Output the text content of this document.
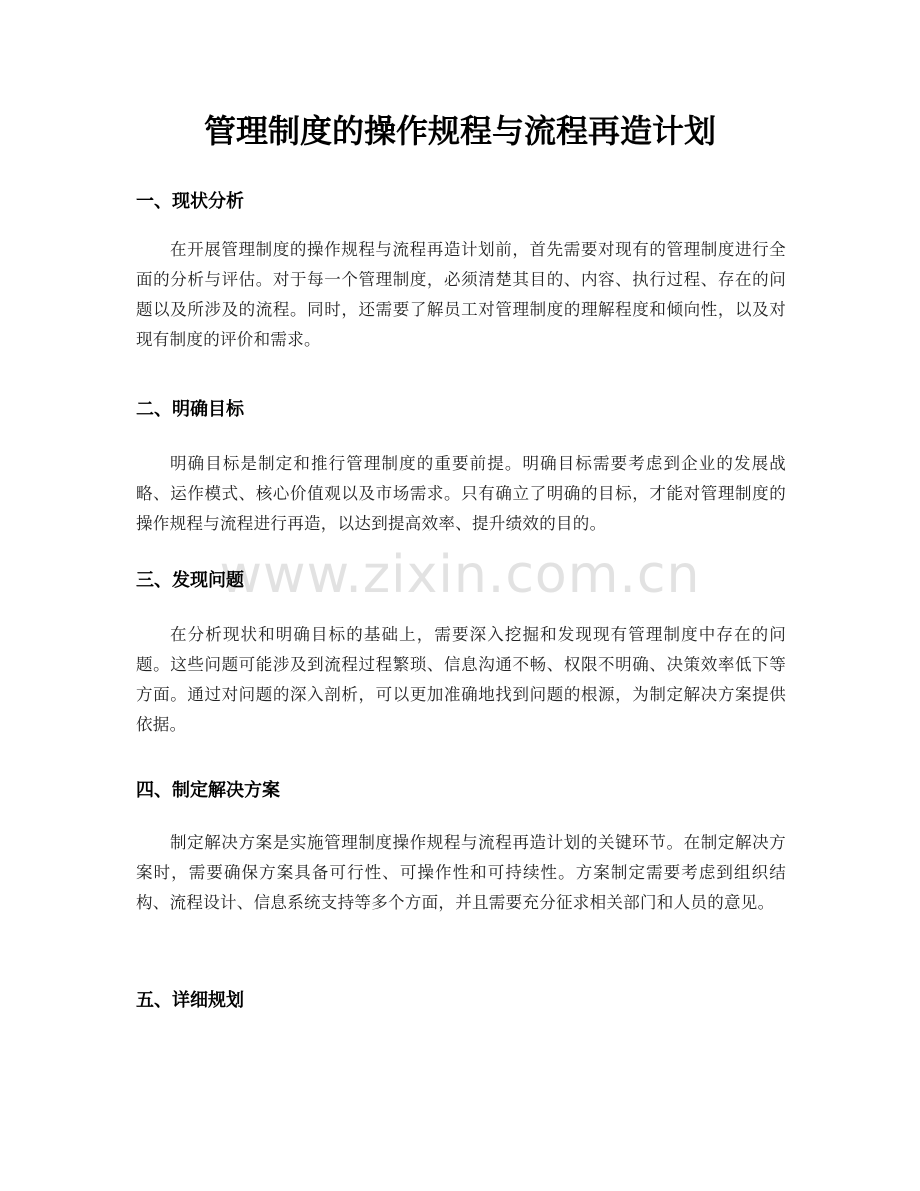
www.zixin.com.cn
管理制度的操作规程与流程再造计划
一、现状分析

在开展管理制度的操作规程与流程再造计划前，首先需要对现有的管理制度进行全面的分析与评估。对于每一个管理制度，必须清楚其目的、内容、执行过程、存在的问题以及所涉及的流程。同时，还需要了解员工对管理制度的理解程度和倾向性，以及对现有制度的评价和需求。

二、明确目标

明确目标是制定和推行管理制度的重要前提。明确目标需要考虑到企业的发展战略、运作模式、核心价值观以及市场需求。只有确立了明确的目标，才能对管理制度的操作规程与流程进行再造，以达到提高效率、提升绩效的目的。

三、发现问题

在分析现状和明确目标的基础上，需要深入挖掘和发现现有管理制度中存在的问题。这些问题可能涉及到流程过程繁琐、信息沟通不畅、权限不明确、决策效率低下等方面。通过对问题的深入剖析，可以更加准确地找到问题的根源，为制定解决方案提供依据。

四、制定解决方案

制定解决方案是实施管理制度操作规程与流程再造计划的关键环节。在制定解决方案时，需要确保方案具备可行性、可操作性和可持续性。方案制定需要考虑到组织结构、流程设计、信息系统支持等多个方面，并且需要充分征求相关部门和人员的意见。

五、详细规划
